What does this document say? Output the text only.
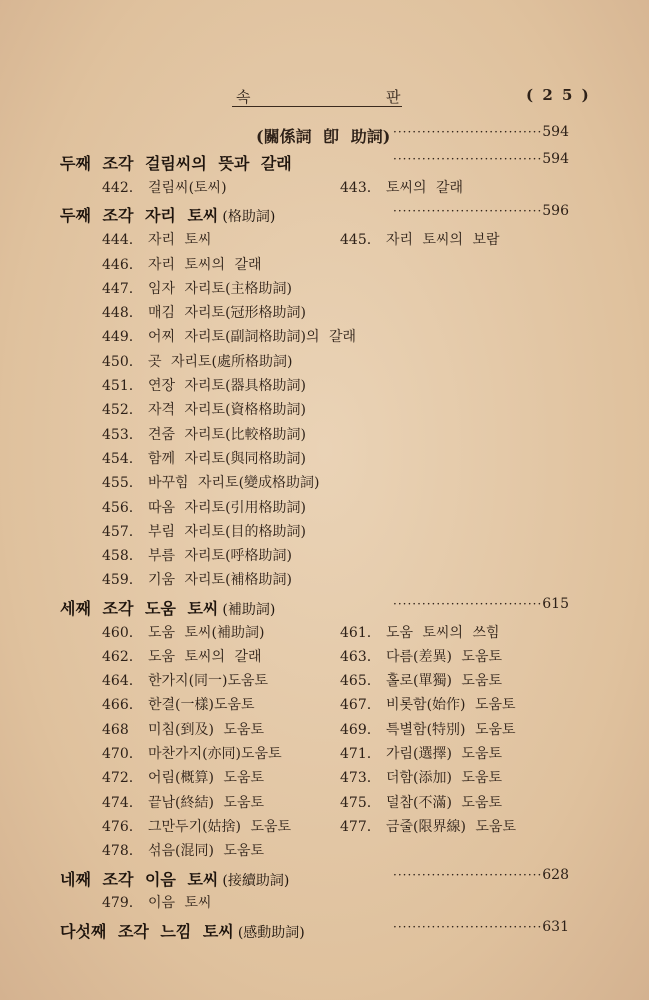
속	판	( 2 5 )
(關係詞 卽 助詞) ·······························594
두째 조각 걸림씨의 뜻과 갈래	·······························594
442. 걸림씨(토씨)	443. 토씨의 갈래
두째 조각 자리 토씨 (格助詞)	·······························596
444. 자리 토씨	445. 자리 토씨의 보람
446. 자리 토씨의 갈래
447. 임자 자리토(主格助詞)
448. 매김 자리토(冠形格助詞)
449. 어찌 자리토(副詞格助詞)의 갈래
450. 곳 자리토(處所格助詞)
451. 연장 자리토(器具格助詞)
452. 자격 자리토(資格格助詞)
453. 견줌 자리토(比較格助詞)
454. 함께 자리토(與同格助詞)
455. 바꾸힘 자리토(變成格助詞)
456. 따옴 자리토(引用格助詞)
457. 부림 자리토(目的格助詞)
458. 부름 자리토(呼格助詞)
459. 기움 자리토(補格助詞)
세째 조각 도움 토씨 (補助詞)	·······························615
460. 도움 토씨(補助詞)	461. 도움 토씨의 쓰힘
462. 도움 토씨의 갈래	463. 다름(差異) 도움토
464. 한가지(同一)도움토	465. 홀로(單獨) 도움토
466. 한결(一樣)도움토	467. 비롯함(始作) 도움토
468 미침(到及) 도움토	469. 특별함(特別) 도움토
470. 마찬가지(亦同)도움토	471. 가림(選擇) 도움토
472. 어림(概算) 도움토	473. 더함(添加) 도움토
474. 끝남(終結) 도움토	475. 덜참(不滿) 도움토
476. 그만두기(姑捨) 도움토	477. 금줄(限界線) 도움토
478. 섞음(混同) 도움토
네째 조각 이음 토씨 (接續助詞)	·······························628
479. 이음 토씨
다섯째 조각 느낌 토씨 (感動助詞)	·······························631
